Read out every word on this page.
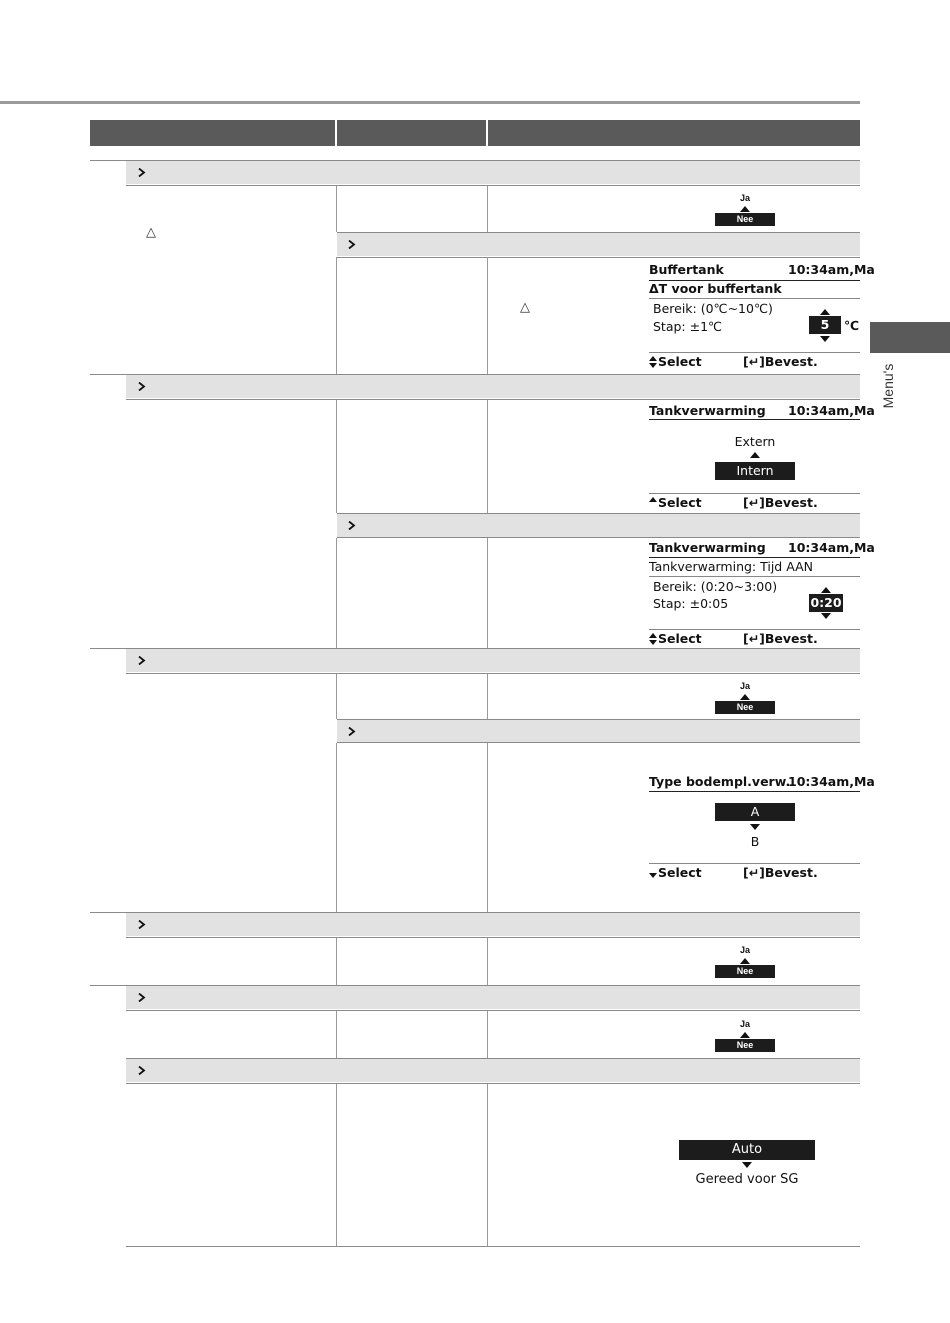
Menu's
△
△
Ja
Nee
Ja
Nee
Ja
Nee
Ja
Nee
Buffertank	10:34am,Ma
ΔT voor buffertank
Bereik: (0℃~10℃)
Stap: ±1℃	5	℃
Select	[↵]Bevest.
Tankverwarming 10:34am,Ma
Extern
Intern
Select	[↵]Bevest.
Tankverwarming 10:34am,Ma
Tankverwarming: Tijd AAN
Bereik: (0:20~3:00)
Stap: ±0:05	0:20
Select	[↵]Bevest.
Type bodempl.verw.
10:34am,Ma
A
B
Select	[↵]Bevest.
Auto
Gereed voor SG
